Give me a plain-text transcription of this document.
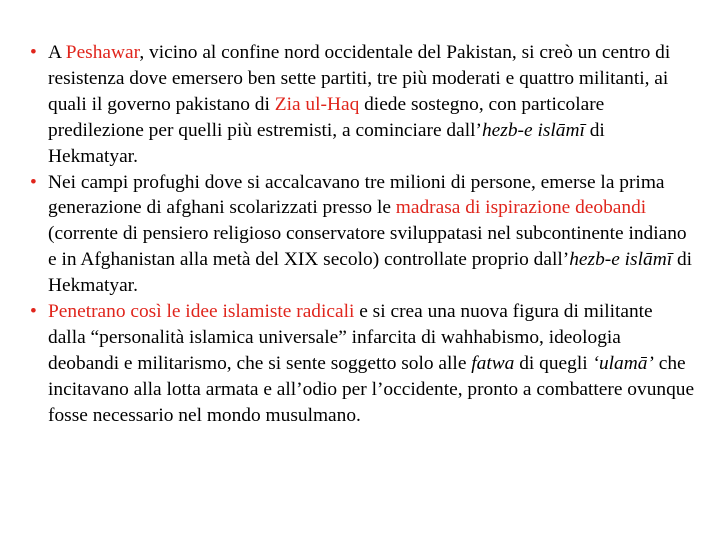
• A Peshawar, vicino al confine nord occidentale del Pakistan, si creò un centro di resistenza dove emersero ben sette partiti, tre più moderati e quattro militanti, ai quali il governo pakistano di Zia ul-Haq diede sostegno, con particolare predilezione per quelli più estremisti, a cominciare dall’hezb-e islāmī di Hekmatyar.
• Nei campi profughi dove si accalcavano tre milioni di persone, emerse la prima generazione di afghani scolarizzati presso le madrasa di ispirazione deobandi (corrente di pensiero religioso conservatore sviluppatasi nel subcontinente indiano e in Afghanistan alla metà del XIX secolo) controllate proprio dall’hezb-e islāmī di Hekmatyar.
• Penetrano così le idee islamiste radicali e si crea una nuova figura di militante dalla “personalità islamica universale” infarcita di wahhabismo, ideologia deobandi e militarismo, che si sente soggetto solo alle fatwa di quegli ‘ulamā’ che incitavano alla lotta armata e all’odio per l’occidente, pronto a combattere ovunque fosse necessario nel mondo musulmano.
